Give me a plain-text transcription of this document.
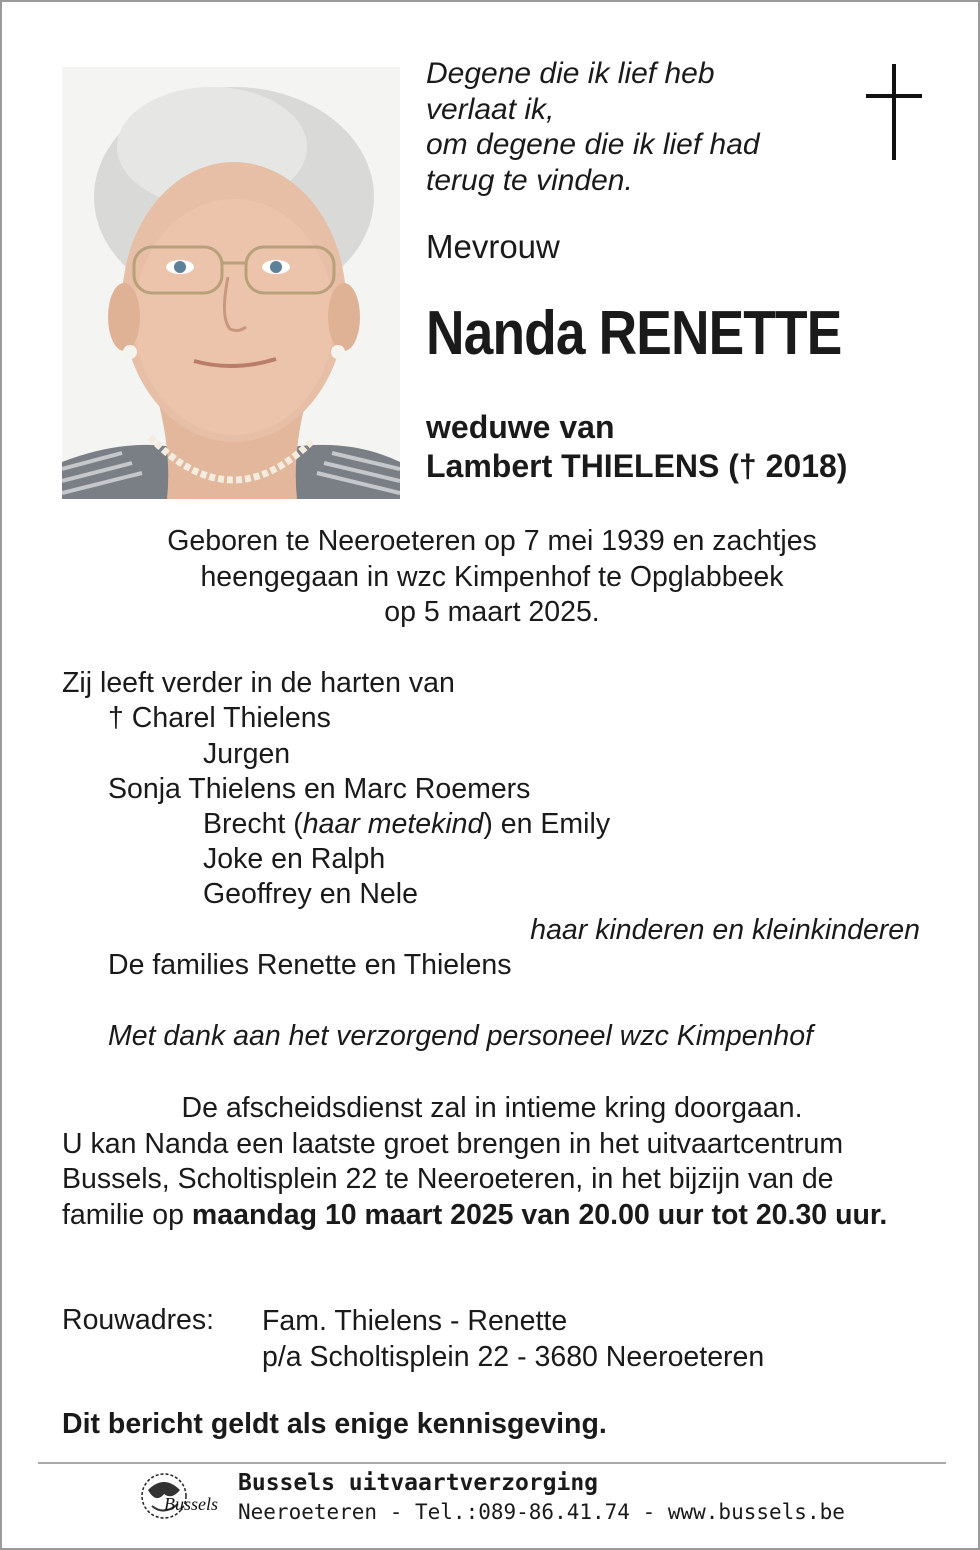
Degene die ik lief heb
verlaat ik,
om degene die ik lief had
terug te vinden.
Mevrouw
Nanda RENETTE
weduwe van
Lambert THIELENS († 2018)
Geboren te Neeroeteren op 7 mei 1939 en zachtjes
heengegaan in wzc Kimpenhof te Opglabbeek
op 5 maart 2025.
Zij leeft verder in de harten van
† Charel Thielens
Jurgen
Sonja Thielens en Marc Roemers
Brecht (haar metekind) en Emily
Joke en Ralph
Geoffrey en Nele
haar kinderen en kleinkinderen
De families Renette en Thielens
Met dank aan het verzorgend personeel wzc Kimpenhof
De afscheidsdienst zal in intieme kring doorgaan.
U kan Nanda een laatste groet brengen in het uitvaartcentrum Bussels, Scholtisplein 22 te Neeroeteren, in het bijzijn van de familie op maandag 10 maart 2025 van 20.00 uur tot 20.30 uur.
Rouwadres: Fam. Thielens - Renette
p/a Scholtisplein 22 - 3680 Neeroeteren
Dit bericht geldt als enige kennisgeving.
Bussels
Bussels uitvaartverzorging
Neeroeteren - Tel.:089-86.41.74 - www.bussels.be
